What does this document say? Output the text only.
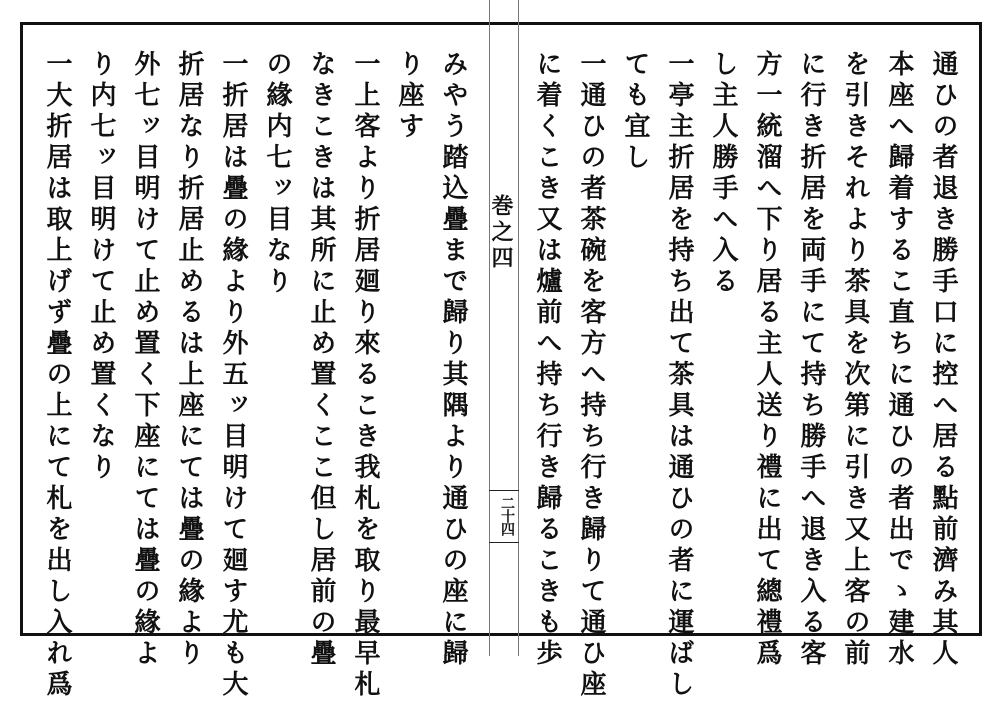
巻之四
二十四	通ひの者退き勝手口に控へ居る點前濟み其人
本座へ歸着するこ直ちに通ひの者出でゝ建水
を引きそれより茶具を次第に引き又上客の前
に行き折居を両手にて持ち勝手へ退き入る客
方一統溜へ下り居る主人送り禮に出て總禮爲
し主人勝手へ入る
一亭主折居を持ち出て茶具は通ひの者に運ばし
ても宜し
一通ひの者茶碗を客方へ持ち行き歸りて通ひ座
に着くこき又は爐前へ持ち行き歸るこきも歩
みやう踏込疊まで歸り其隅より通ひの座に歸
り座す
一上客より折居廻り來るこき我札を取り最早札
なきこきは其所に止め置くここ但し居前の疊
の緣内七ッ目なり
一折居は疊の緣より外五ッ目明けて廻す尤も大
折居なり折居止めるは上座にては疊の緣より
外七ッ目明けて止め置く下座にては疊の緣よ
り内七ッ目明けて止め置くなり
一大折居は取上げず疊の上にて札を出し入れ爲
